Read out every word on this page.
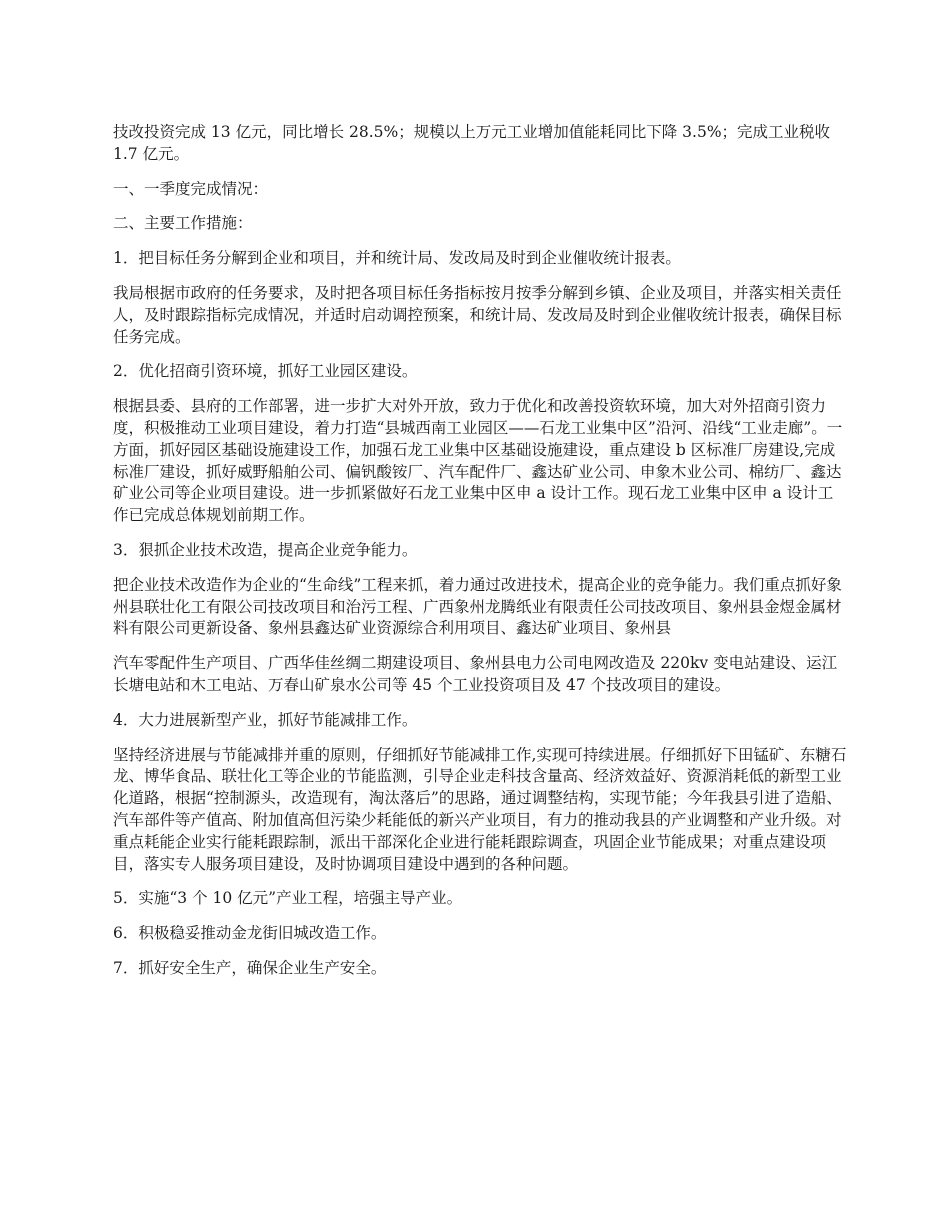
技改投资完成 13 亿元，同比增长 28.5%；规模以上万元工业增加值能耗同比下降 3.5%；完成工业税收 1.7 亿元。

一、一季度完成情况：

二、主要工作措施：

1．把目标任务分解到企业和项目，并和统计局、发改局及时到企业催收统计报表。

我局根据市政府的任务要求，及时把各项目标任务指标按月按季分解到乡镇、企业及项目，并落实相关责任人，及时跟踪指标完成情况，并适时启动调控预案，和统计局、发改局及时到企业催收统计报表，确保目标任务完成。

2．优化招商引资环境，抓好工业园区建设。

根据县委、县府的工作部署，进一步扩大对外开放，致力于优化和改善投资软环境，加大对外招商引资力度，积极推动工业项目建设，着力打造“县城西南工业园区——石龙工业集中区”沿河、沿线“工业走廊”。一方面，抓好园区基础设施建设工作，加强石龙工业集中区基础设施建设，重点建设 b 区标准厂房建设,完成标准厂建设，抓好威野船舶公司、偏钒酸铵厂、汽车配件厂、鑫达矿业公司、申象木业公司、棉纺厂、鑫达矿业公司等企业项目建设。进一步抓紧做好石龙工业集中区申 a 设计工作。现石龙工业集中区申 a 设计工作已完成总体规划前期工作。

3．狠抓企业技术改造，提高企业竞争能力。

把企业技术改造作为企业的“生命线”工程来抓，着力通过改进技术，提高企业的竞争能力。我们重点抓好象州县联壮化工有限公司技改项目和治污工程、广西象州龙腾纸业有限责任公司技改项目、象州县金煜金属材料有限公司更新设备、象州县鑫达矿业资源综合利用项目、鑫达矿业项目、象州县

汽车零配件生产项目、广西华佳丝绸二期建设项目、象州县电力公司电网改造及 220kv 变电站建设、运江长塘电站和木工电站、万春山矿泉水公司等 45 个工业投资项目及 47 个技改项目的建设。

4．大力进展新型产业，抓好节能减排工作。

坚持经济进展与节能减排并重的原则，仔细抓好节能减排工作,实现可持续进展。仔细抓好下田锰矿、东糖石龙、博华食品、联壮化工等企业的节能监测，引导企业走科技含量高、经济效益好、资源消耗低的新型工业化道路，根据“控制源头，改造现有，淘汰落后”的思路，通过调整结构，实现节能；今年我县引进了造船、汽车部件等产值高、附加值高但污染少耗能低的新兴产业项目，有力的推动我县的产业调整和产业升级。对重点耗能企业实行能耗跟踪制，派出干部深化企业进行能耗跟踪调查，巩固企业节能成果；对重点建设项目，落实专人服务项目建设，及时协调项目建设中遇到的各种问题。

5．实施“3 个 10 亿元”产业工程，培强主导产业。

6．积极稳妥推动金龙街旧城改造工作。

7．抓好安全生产，确保企业生产安全。
